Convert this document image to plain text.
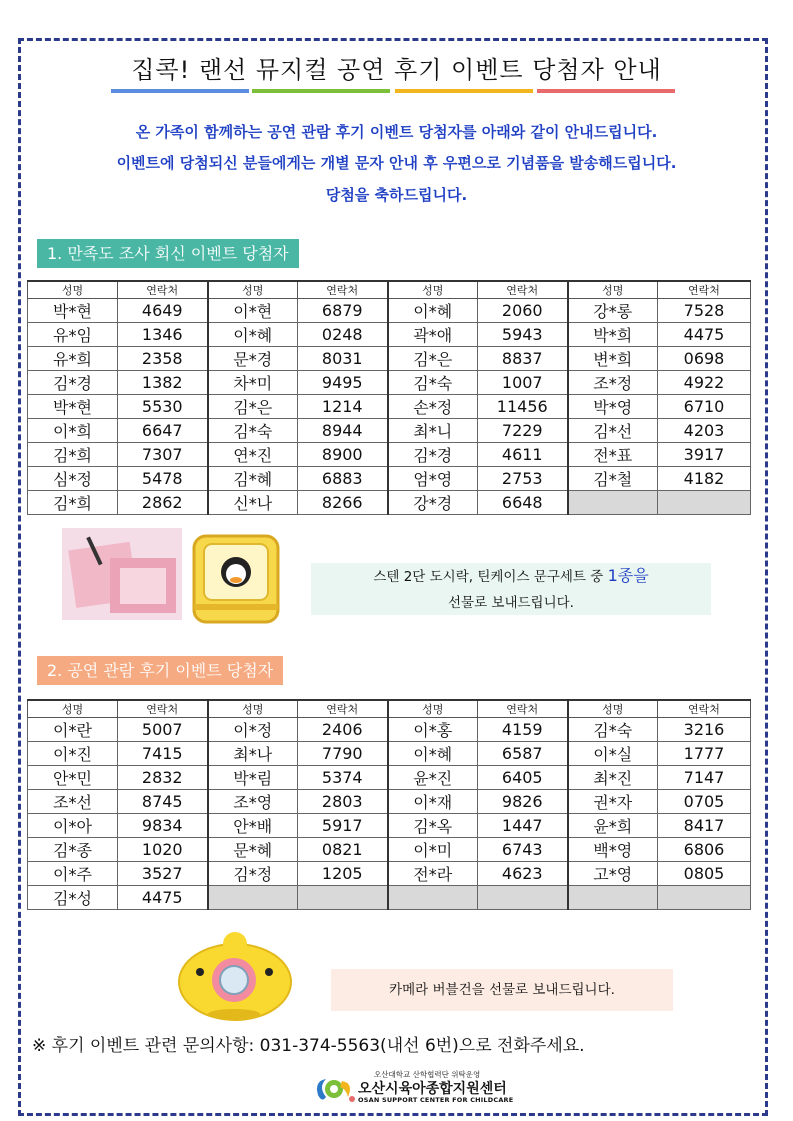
집콕! 랜선 뮤지컬 공연 후기 이벤트 당첨자 안내
온 가족이 함께하는 공연 관람 후기 이벤트 당첨자를 아래와 같이 안내드립니다.
이벤트에 당첨되신 분들에게는 개별 문자 안내 후 우편으로 기념품을 발송해드립니다.
당첨을 축하드립니다.
1. 만족도 조사 회신 이벤트 당첨자
성명	연락처	성명	연락처	성명	연락처	성명	연락처
박*현	4649	이*현	6879	이*혜	2060	강*롱	7528
유*임	1346	이*혜	0248	곽*애	5943	박*희	4475
유*희	2358	문*경	8031	김*은	8837	변*희	0698
김*경	1382	차*미	9495	김*숙	1007	조*정	4922
박*현	5530	김*은	1214	손*정	11456	박*영	6710
이*희	6647	김*숙	8944	최*니	7229	김*선	4203
김*희	7307	연*진	8900	김*경	4611	전*표	3917
심*정	5478	김*혜	6883	엄*영	2753	김*철	4182
김*희	2862	신*나	8266	강*경	6648		
스텐 2단 도시락, 틴케이스 문구세트 중 1종을
선물로 보내드립니다.
2. 공연 관람 후기 이벤트 당첨자
성명	연락처	성명	연락처	성명	연락처	성명	연락처
이*란	5007	이*정	2406	이*홍	4159	김*숙	3216
이*진	7415	최*나	7790	이*혜	6587	이*실	1777
안*민	2832	박*림	5374	윤*진	6405	최*진	7147
조*선	8745	조*영	2803	이*재	9826	권*자	0705
이*아	9834	안*배	5917	김*옥	1447	윤*희	8417
김*종	1020	문*혜	0821	이*미	6743	백*영	6806
이*주	3527	김*정	1205	전*라	4623	고*영	0805
김*성	4475						
카메라 버블건을 선물로 보내드립니다.
※ 후기 이벤트 관련 문의사항: 031-374-5563(내선 6번)으로 전화주세요.
오산대학교 산학협력단 위탁운영
오산시육아종합지원센터
OSAN SUPPORT CENTER FOR CHILDCARE
